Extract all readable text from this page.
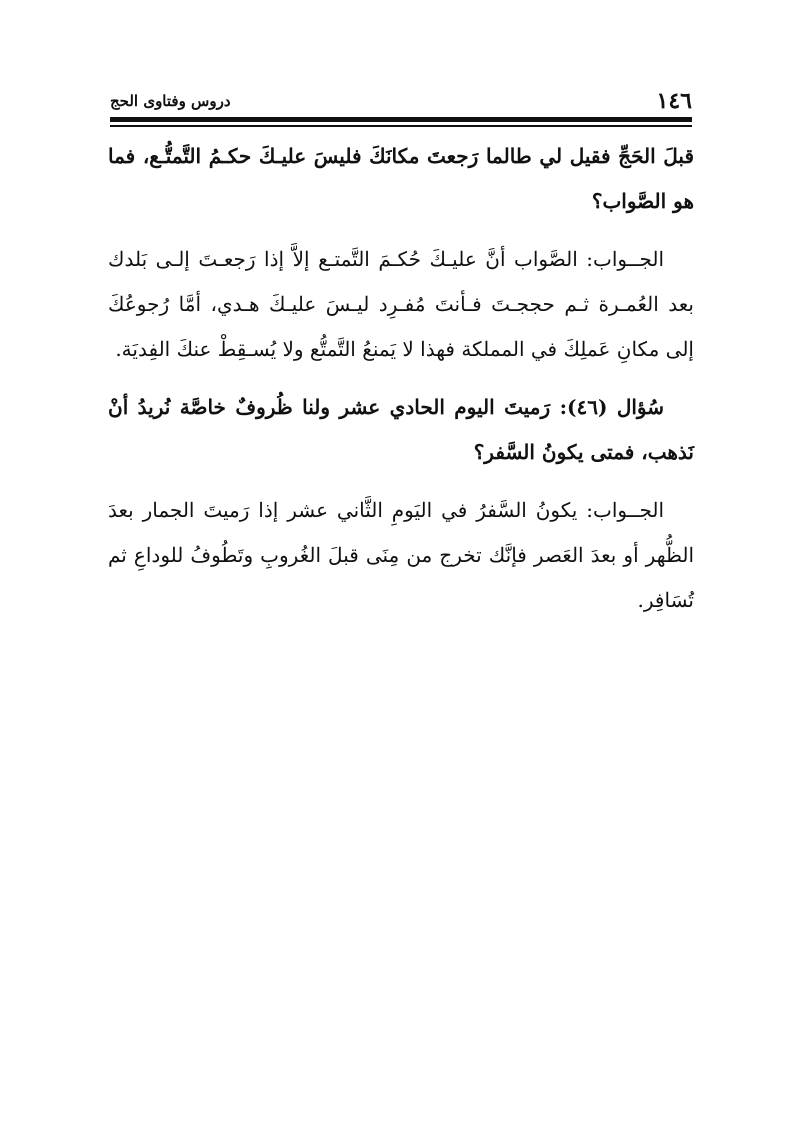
١٤٦
دروس وفتاوى الحج

قبلَ الحَجِّ فقيل لي طالما رَجعتَ مكانَكَ فليسَ عليـكَ حكـمُ التَّمتُّـع، فما هو الصَّواب؟

الجــواب: الصَّواب أنَّ عليـكَ حُكـمَ التَّمتـع إلاَّ إذا رَجعـتَ إلـى بَلدك بعد العُمـرة ثـم حججـتَ فـأنتَ مُفـرِد ليـسَ عليـكَ هـدي، أمَّا رُجوعُكَ إلى مكانِ عَملِكَ في المملكة فهذا لا يَمنعُ التَّمتُّع ولا يُسـقِطْ عنكَ الفِديَة.

سُؤال (٤٦): رَميتَ اليوم الحادي عشر ولنا ظُروفٌ خاصَّة نُريدُ أنْ نَذهب، فمتى يكونُ السَّفر؟

الجــواب: يكونُ السَّفرُ في اليَومِ الثَّاني عشر إذا رَميتَ الجمار بعدَ الظُّهر أو بعدَ العَصر فإنَّك تخرج من مِنَى قبلَ الغُروبِ وتَطُوفُ للوداعِ ثم تُسَافِر.
